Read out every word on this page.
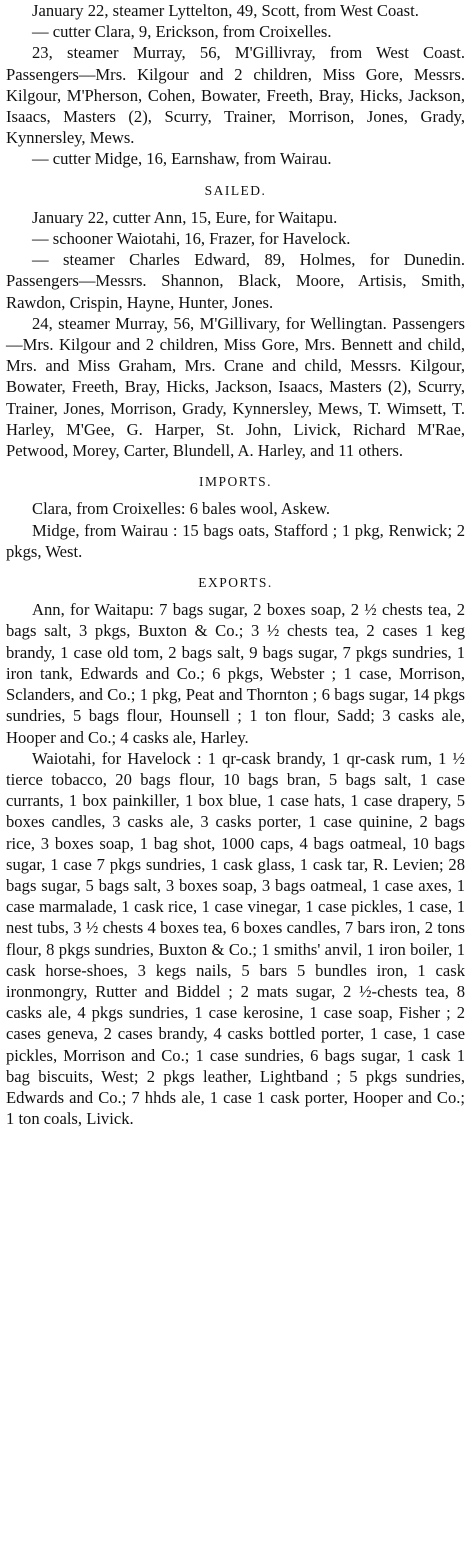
January 22, steamer Lyttelton, 49, Scott, from West Coast.

— cutter Clara, 9, Erickson, from Croixelles.

23, steamer Murray, 56, M'Gillivray, from West Coast. Passengers—Mrs. Kilgour and 2 children, Miss Gore, Messrs. Kilgour, M'Pherson, Cohen, Bowater, Freeth, Bray, Hicks, Jackson, Isaacs, Masters (2), Scurry, Trainer, Morrison, Jones, Grady, Kynnersley, Mews.

— cutter Midge, 16, Earnshaw, from Wairau.

SAILED.

January 22, cutter Ann, 15, Eure, for Waitapu.

— schooner Waiotahi, 16, Frazer, for Havelock.

— steamer Charles Edward, 89, Holmes, for Dunedin. Passengers—Messrs. Shannon, Black, Moore, Artisis, Smith, Rawdon, Crispin, Hayne, Hunter, Jones.

24, steamer Murray, 56, M'Gillivary, for Wellingtan. Passengers—Mrs. Kilgour and 2 children, Miss Gore, Mrs. Bennett and child, Mrs. and Miss Graham, Mrs. Crane and child, Messrs. Kilgour, Bowater, Freeth, Bray, Hicks, Jackson, Isaacs, Masters (2), Scurry, Trainer, Jones, Morrison, Grady, Kynnersley, Mews, T. Wimsett, T. Harley, M'Gee, G. Harper, St. John, Livick, Richard M'Rae, Petwood, Morey, Carter, Blundell, A. Harley, and 11 others.

IMPORTS.

Clara, from Croixelles: 6 bales wool, Askew.

Midge, from Wairau : 15 bags oats, Stafford ; 1 pkg, Renwick; 2 pkgs, West.

EXPORTS.

Ann, for Waitapu: 7 bags sugar, 2 boxes soap, 2 ½ chests tea, 2 bags salt, 3 pkgs, Buxton & Co.; 3 ½ chests tea, 2 cases 1 keg brandy, 1 case old tom, 2 bags salt, 9 bags sugar, 7 pkgs sundries, 1 iron tank, Edwards and Co.; 6 pkgs, Webster ; 1 case, Morrison, Sclanders, and Co.; 1 pkg, Peat and Thornton ; 6 bags sugar, 14 pkgs sundries, 5 bags flour, Hounsell ; 1 ton flour, Sadd; 3 casks ale, Hooper and Co.; 4 casks ale, Harley.

Waiotahi, for Havelock : 1 qr-cask brandy, 1 qr-cask rum, 1 ½ tierce tobacco, 20 bags flour, 10 bags bran, 5 bags salt, 1 case currants, 1 box painkiller, 1 box blue, 1 case hats, 1 case drapery, 5 boxes candles, 3 casks ale, 3 casks porter, 1 case quinine, 2 bags rice, 3 boxes soap, 1 bag shot, 1000 caps, 4 bags oatmeal, 10 bags sugar, 1 case 7 pkgs sundries, 1 cask glass, 1 cask tar, R. Levien; 28 bags sugar, 5 bags salt, 3 boxes soap, 3 bags oatmeal, 1 case axes, 1 case marmalade, 1 cask rice, 1 case vinegar, 1 case pickles, 1 case, 1 nest tubs, 3 ½ chests 4 boxes tea, 6 boxes candles, 7 bars iron, 2 tons flour, 8 pkgs sundries, Buxton & Co.; 1 smiths' anvil, 1 iron boiler, 1 cask horse-shoes, 3 kegs nails, 5 bars 5 bundles iron, 1 cask ironmongry, Rutter and Biddel ; 2 mats sugar, 2 ½-chests tea, 8 casks ale, 4 pkgs sundries, 1 case kerosine, 1 case soap, Fisher ; 2 cases geneva, 2 cases brandy, 4 casks bottled porter, 1 case, 1 case pickles, Morrison and Co.; 1 case sundries, 6 bags sugar, 1 cask 1 bag biscuits, West; 2 pkgs leather, Lightband ; 5 pkgs sundries, Edwards and Co.; 7 hhds ale, 1 case 1 cask porter, Hooper and Co.; 1 ton coals, Livick.
